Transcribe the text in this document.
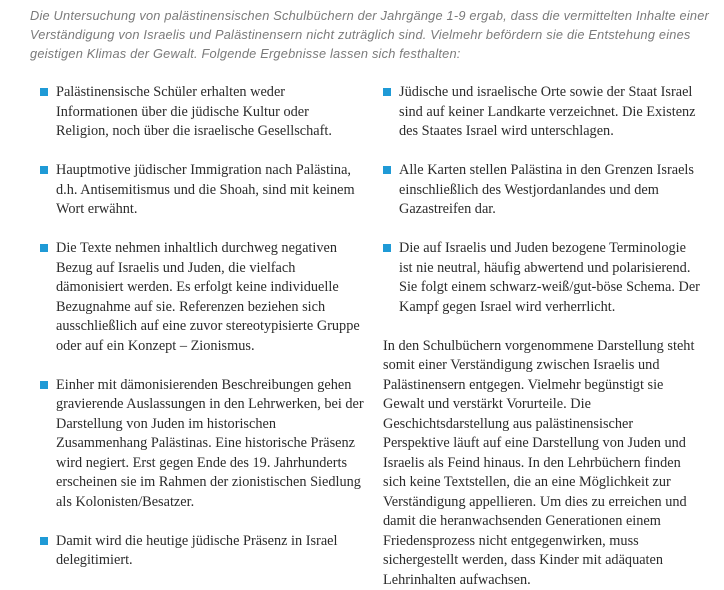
Die Untersuchung von palästinensischen Schulbüchern der Jahrgänge 1-9 ergab, dass die vermittelten Inhalte einer Verständigung von Israelis und Palästinensern nicht zuträglich sind. Vielmehr befördern sie die Entstehung eines geistigen Klimas der Gewalt. Folgende Ergebnisse lassen sich festhalten:

Palästinensische Schüler erhalten weder Informationen über die jüdische Kultur oder Religion, noch über die israelische Gesellschaft.
Hauptmotive jüdischer Immigration nach Palästina, d.h. Antisemitismus und die Shoah, sind mit keinem Wort erwähnt.
Die Texte nehmen inhaltlich durchweg negativen Bezug auf Israelis und Juden, die vielfach dämonisiert werden. Es erfolgt keine individuelle Bezugnahme auf sie. Referenzen beziehen sich ausschließlich auf eine zuvor stereotypisierte Gruppe oder auf ein Konzept – Zionismus.
Einher mit dämonisierenden Beschreibungen gehen gravierende Auslassungen in den Lehrwerken, bei der Darstellung von Juden im historischen Zusammenhang Palästinas. Eine historische Präsenz wird negiert. Erst gegen Ende des 19. Jahrhunderts erscheinen sie im Rahmen der zionistischen Siedlung als Kolonisten/Besatzer.
Damit wird die heutige jüdische Präsenz in Israel delegitimiert.
Jüdische und israelische Orte sowie der Staat Israel sind auf keiner Landkarte verzeichnet. Die Existenz des Staates Israel wird unterschlagen.
Alle Karten stellen Palästina in den Grenzen Israels einschließlich des Westjordanlandes und dem Gazastreifen dar.
Die auf Israelis und Juden bezogene Terminologie ist nie neutral, häufig abwertend und polarisierend. Sie folgt einem schwarz-weiß/gut-böse Schema. Der Kampf gegen Israel wird verherrlicht.

In den Schulbüchern vorgenommene Darstellung steht somit einer Verständigung zwischen Israelis und Palästinensern entgegen. Vielmehr begünstigt sie Gewalt und verstärkt Vorurteile. Die Geschichtsdarstellung aus palästinensischer Perspektive läuft auf eine Darstellung von Juden und Israelis als Feind hinaus. In den Lehrbüchern finden sich keine Textstellen, die an eine Möglichkeit zur Verständigung appellieren. Um dies zu erreichen und damit die heranwachsenden Generationen einem Friedensprozess nicht entgegenwirken, muss sichergestellt werden, dass Kinder mit adäquaten Lehrinhalten aufwachsen.
